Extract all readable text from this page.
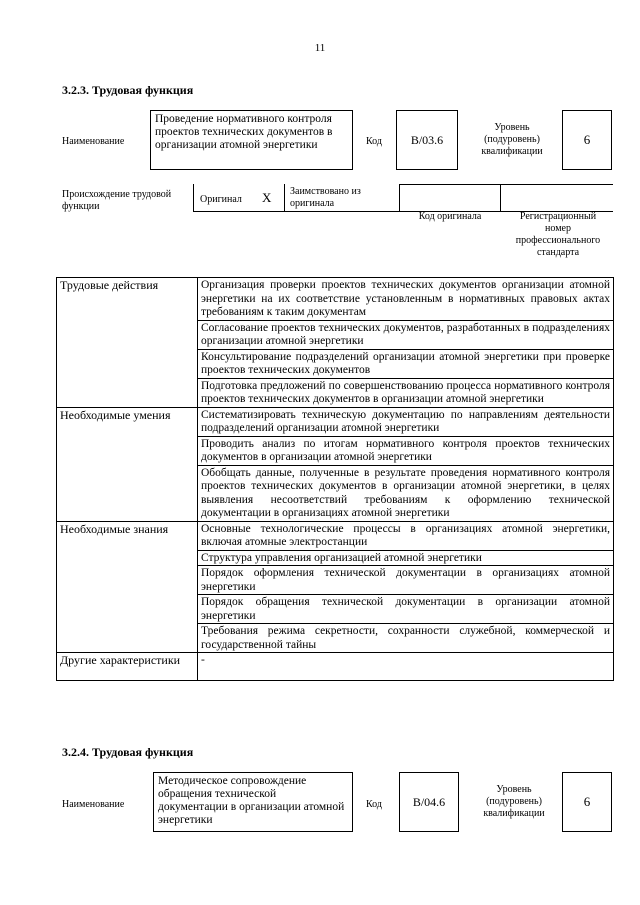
11
3.2.3. Трудовая функция
Наименование
Проведение нормативного контроля проектов технических документов в организации атомной энергетики	Код B/03.6
Уровень (подуровень) квалификации
6
Происхождение трудовой функции
Оригинал X Заимствовано из оригинала
Код оригинала	Регистрационный номер профессионального стандарта
Трудовые действия	Организация проверки проектов технических документов организации атомной энергетики на их соответствие установленным в нормативных правовых актах требованиям к таким документам
	Согласование проектов технических документов, разработанных в подразделениях организации атомной энергетики
	Консультирование подразделений организации атомной энергетики при проверке проектов технических документов
	Подготовка предложений по совершенствованию процесса нормативного контроля проектов технических документов в организации атомной энергетики
Необходимые умения	Систематизировать техническую документацию по направлениям деятельности подразделений организации атомной энергетики
	Проводить анализ по итогам нормативного контроля проектов технических документов в организации атомной энергетики
	Обобщать данные, полученные в результате проведения нормативного контроля проектов технических документов в организации атомной энергетики, в целях выявления несоответствий требованиям к оформлению технической документации в организациях атомной энергетики
Необходимые знания	Основные технологические процессы в организациях атомной энергетики, включая атомные электростанции
	Структура управления организацией атомной энергетики
	Порядок оформления технической документации в организациях атомной энергетики
	Порядок обращения технической документации в организации атомной энергетики
	Требования режима секретности, сохранности служебной, коммерческой и государственной тайны
Другие характеристики	-
3.2.4. Трудовая функция
Наименование
Методическое сопровождение обращения технической документации в организации атомной энергетики
Код	B/04.6
Уровень (подуровень) квалификации
6
